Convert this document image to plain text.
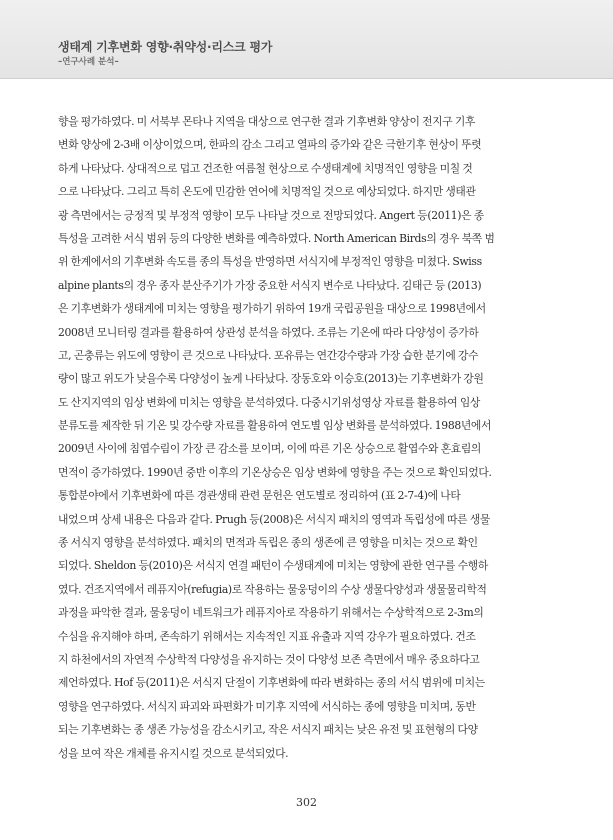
생태계 기후변화 영향·취약성·리스크 평가
–연구사례 분석–
향을 평가하였다. 미 서북부 몬타나 지역을 대상으로 연구한 결과 기후변화 양상이 전지구 기후
변화 양상에 2-3배 이상이었으며, 한파의 감소 그리고 열파의 증가와 같은 극한기후 현상이 뚜렷
하게 나타났다. 상대적으로 덥고 건조한 여름철 현상으로 수생태계에 치명적인 영향을 미칠 것
으로 나타났다. 그리고 특히 온도에 민감한 연어에 치명적일 것으로 예상되었다. 하지만 생태관
광 측면에서는 긍정적 및 부정적 영향이 모두 나타날 것으로 전망되었다. Angert 등(2011)은 종
특성을 고려한 서식 범위 등의 다양한 변화를 예측하였다. North American Birds의 경우 북쪽 범
위 한계에서의 기후변화 속도를 종의 특성을 반영하면 서식지에 부정적인 영향을 미쳤다. Swiss
alpine plants의 경우 종자 분산주기가 가장 중요한 서식지 변수로 나타났다. 김태근 등 (2013)
은 기후변화가 생태계에 미치는 영향을 평가하기 위하여 19개 국립공원을 대상으로 1998년에서
2008년 모니터링 결과를 활용하여 상관성 분석을 하였다. 조류는 기온에 따라 다양성이 증가하
고, 곤충류는 위도에 영향이 큰 것으로 나타났다. 포유류는 연간강수량과 가장 습한 분기에 강수
량이 많고 위도가 낮을수록 다양성이 높게 나타났다. 장동호와 이승호(2013)는 기후변화가 강원
도 산지지역의 임상 변화에 미치는 영향을 분석하였다. 다중시기위성영상 자료를 활용하여 임상
분류도를 제작한 뒤 기온 및 강수량 자료를 활용하여 연도별 임상 변화를 분석하였다. 1988년에서
2009년 사이에 침엽수림이 가장 큰 감소를 보이며, 이에 따른 기온 상승으로 활엽수와 혼효림의
면적이 증가하였다. 1990년 중반 이후의 기온상승은 임상 변화에 영향을 주는 것으로 확인되었다.
통합분야에서 기후변화에 따른 경관생태 관련 문헌은 연도별로 정리하여 (표 2-7-4)에 나타
내었으며 상세 내용은 다음과 같다. Prugh 등(2008)은 서식지 패치의 영역과 독립성에 따른 생물
종 서식지 영향을 분석하였다. 패치의 면적과 독립은 종의 생존에 큰 영향을 미치는 것으로 확인
되었다. Sheldon 등(2010)은 서식지 연결 패턴이 수생태계에 미치는 영향에 관한 연구를 수행하
였다. 건조지역에서 레퓨지아(refugia)로 작용하는 물웅덩이의 수상 생물다양성과 생물물리학적
과정을 파악한 결과, 물웅덩이 네트워크가 레퓨지아로 작용하기 위해서는 수상학적으로 2-3m의
수심을 유지해야 하며, 존속하기 위해서는 지속적인 지표 유출과 지역 강우가 필요하였다. 건조
지 하천에서의 자연적 수상학적 다양성을 유지하는 것이 다양성 보존 측면에서 매우 중요하다고
제언하였다. Hof 등(2011)은 서식지 단절이 기후변화에 따라 변화하는 종의 서식 범위에 미치는
영향을 연구하였다. 서식지 파괴와 파편화가 미기후 지역에 서식하는 종에 영향을 미치며, 동반
되는 기후변화는 종 생존 가능성을 감소시키고, 작은 서식지 패치는 낮은 유전 및 표현형의 다양
성을 보여 작은 개체를 유지시킬 것으로 분석되었다.
302
